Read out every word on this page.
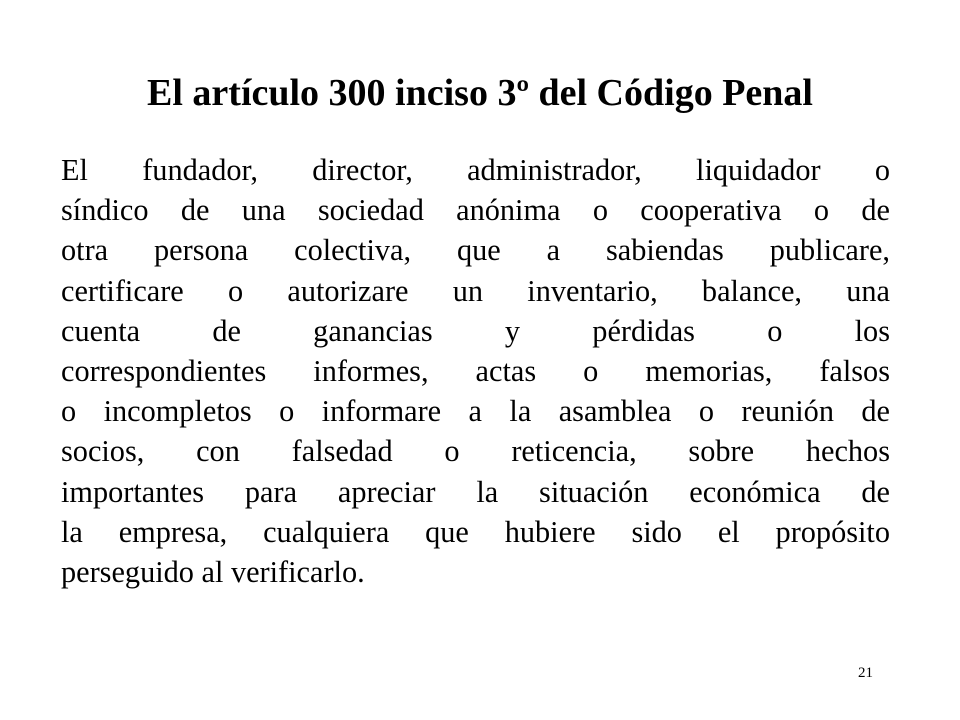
El artículo 300 inciso 3º del Código Penal
El fundador, director, administrador, liquidador o
síndico de una sociedad anónima o cooperativa o de
otra persona colectiva, que a sabiendas publicare,
certificare o autorizare un inventario, balance, una
cuenta de ganancias y pérdidas o los
correspondientes informes, actas o memorias, falsos
o incompletos o informare a la asamblea o reunión de
socios, con falsedad o reticencia, sobre hechos
importantes para apreciar la situación económica de
la empresa, cualquiera que hubiere sido el propósito
perseguido al verificarlo.
21
